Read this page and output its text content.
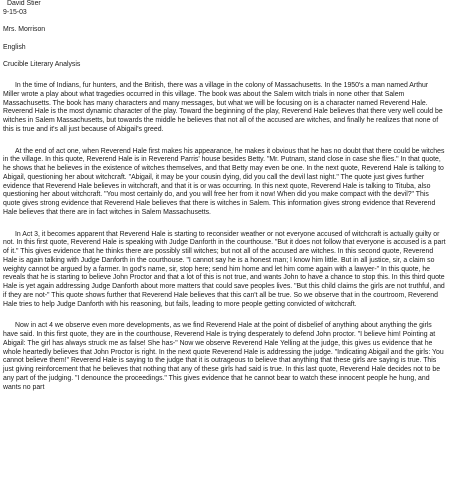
David Stier

9-15-03

Mrs. Morrison

English

Crucible Literary Analysis

In the time of Indians, fur hunters, and the British, there was a village in the colony of Massachusetts. In the 1950's a man named Arthur Miller wrote a play about what tragedies occurred in this village. The book was about the Salem witch trials in none other that Salem Massachusetts. The book has many characters and many messages, but what we will be focusing on is a character named Reverend Hale. Reverend Hale is the most dynamic character of the play. Toward the beginning of the play, Reverend Hale believes that there very well could be witches in Salem Massachusetts, but towards the middle he believes that not all of the accused are witches, and finally he realizes that none of this is true and it's all just because of Abigail's greed.

At the end of act one, when Reverend Hale first makes his appearance, he makes it obvious that he has no doubt that there could be witches in the village. In this quote, Reverend Hale is in Reverend Parris' house besides Betty. "Mr. Putnam, stand close in case she flies." In that quote, he shows that he believes in the existence of witches themselves, and that Betty may even be one. In the next quote, Reverend Hale is talking to Abigail, questioning her about witchcraft. "Abigail, it may be your cousin dying, did you call the devil last night." The quote just gives further evidence that Reverend Hale believes in witchcraft, and that it is or was occurring. In this next quote, Reverend Hale is talking to Tituba, also questioning her about witchcraft. "You most certainly do, and you will free her from it now! When did you make compact with the devil?" This quote gives strong evidence that Reverend Hale believes that there is witches in Salem. This information gives strong evidence that Reverend Hale believes that there are in fact witches in Salem Massachusetts.

In Act 3, it becomes apparent that Reverend Hale is starting to reconsider weather or not everyone accused of witchcraft is actually guilty or not. In this first quote, Reverend Hale is speaking with Judge Danforth in the courthouse. "But it does not follow that everyone is accused is a part of it." This gives evidence that he thinks there are possibly still witches; but not all of the accused are witches. In this second quote, Reverend Hale is again talking with Judge Danforth in the courthouse. "I cannot say he is a honest man; I know him little. But in all justice, sir, a claim so weighty cannot be argued by a farmer. In god's name, sir, stop here; send him home and let him come again with a lawyer-" In this quote, he reveals that he is starting to believe John Proctor and that a lot of this is not true, and wants John to have a chance to stop this. In this third quote Hale is yet again addressing Judge Danforth about more matters that could save peoples lives. "But this child claims the girls are not truthful, and if they are not-" This quote shows further that Reverend Hale believes that this can't all be true. So we observe that in the courtroom, Reverend Hale tries to help Judge Danforth with his reasoning, but fails, leading to more people getting convicted of witchcraft.

Now in act 4 we observe even more developments, as we find Reverend Hale at the point of disbelief of anything about anything the girls have said. In this first quote, they are in the courthouse, Reverend Hale is trying desperately to defend John proctor. "I believe him! Pointing at Abigail: The girl has always struck me as false! She has-" Now we observe Reverend Hale Yelling at the judge, this gives us evidence that he whole heartedly believes that John Proctor is right. In the next quote Reverend Hale is addressing the judge. "Indicating Abigail and the girls: You cannot believe them!" Reverend Hale is saying to the judge that it is outrageous to believe that anything that these girls are saying is true. This just giving reinforcement that he believes that nothing that any of these girls had said is true. In this last quote, Reverend Hale decides not to be any part of the judging. "I denounce the proceedings." This gives evidence that he cannot bear to watch these innocent people he hung, and wants no part
